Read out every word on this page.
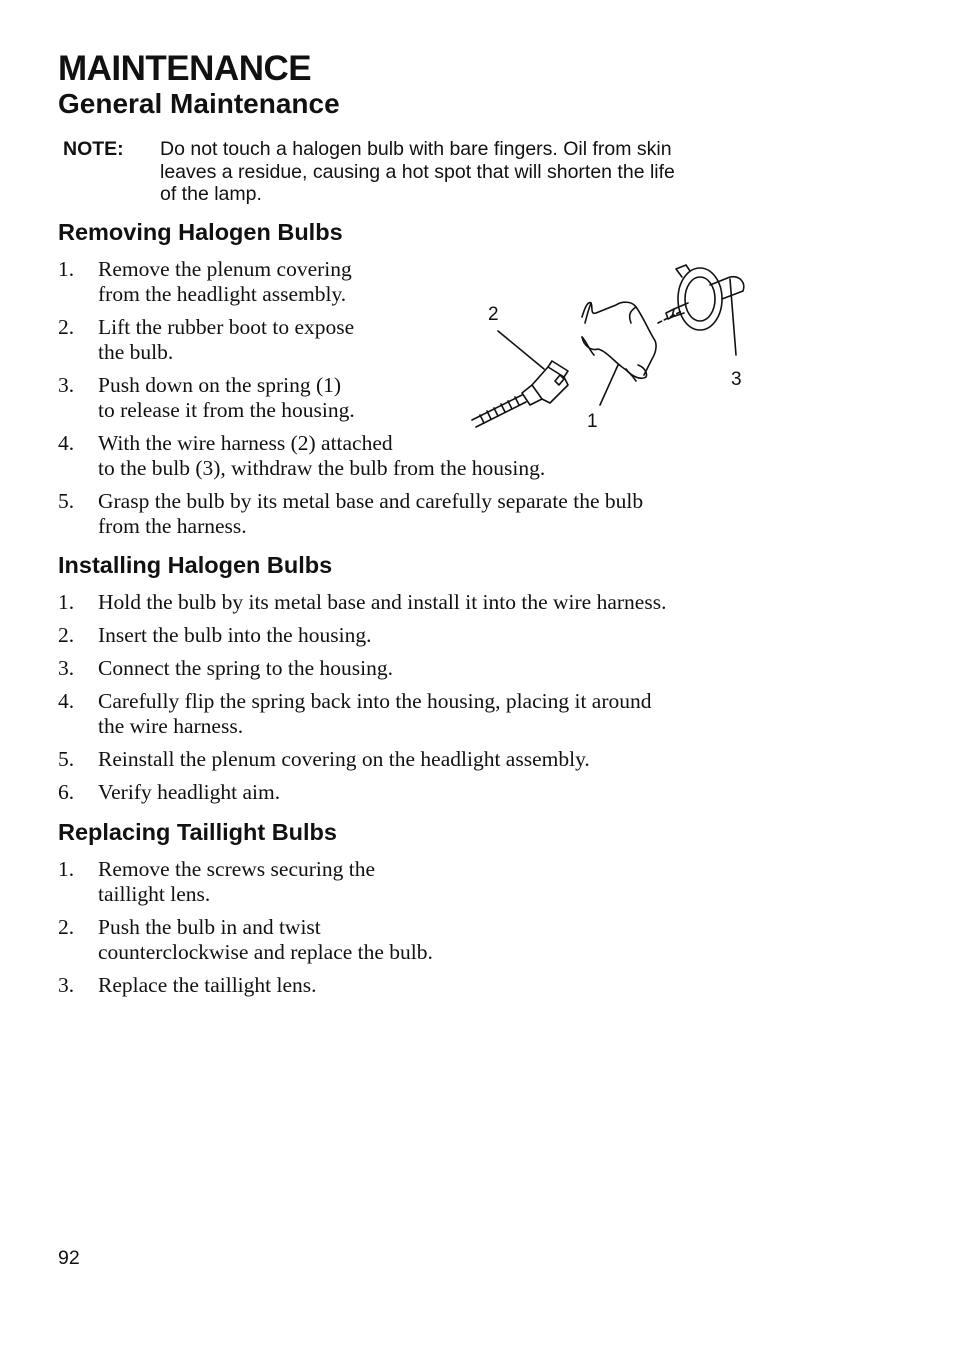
MAINTENANCE
General Maintenance
NOTE: Do not touch a halogen bulb with bare fingers. Oil from skin
leaves a residue, causing a hot spot that will shorten the life
of the lamp.
Removing Halogen Bulbs
1. Remove the plenum covering
from the headlight assembly.
2. Lift the rubber boot to expose
the bulb.
3. Push down on the spring (1)
to release it from the housing.
4. With the wire harness (2) attached
to the bulb (3), withdraw the bulb from the housing.
5. Grasp the bulb by its metal base and carefully separate the bulb
from the harness.
1
2
3
Installing Halogen Bulbs
1. Hold the bulb by its metal base and install it into the wire harness.
2. Insert the bulb into the housing.
3. Connect the spring to the housing.
4. Carefully flip the spring back into the housing, placing it around
the wire harness.
5. Reinstall the plenum covering on the headlight assembly.
6. Verify headlight aim.
Replacing Taillight Bulbs
1. Remove the screws securing the
taillight lens.
2. Push the bulb in and twist
counterclockwise and replace the bulb.
3. Replace the taillight lens.
92
